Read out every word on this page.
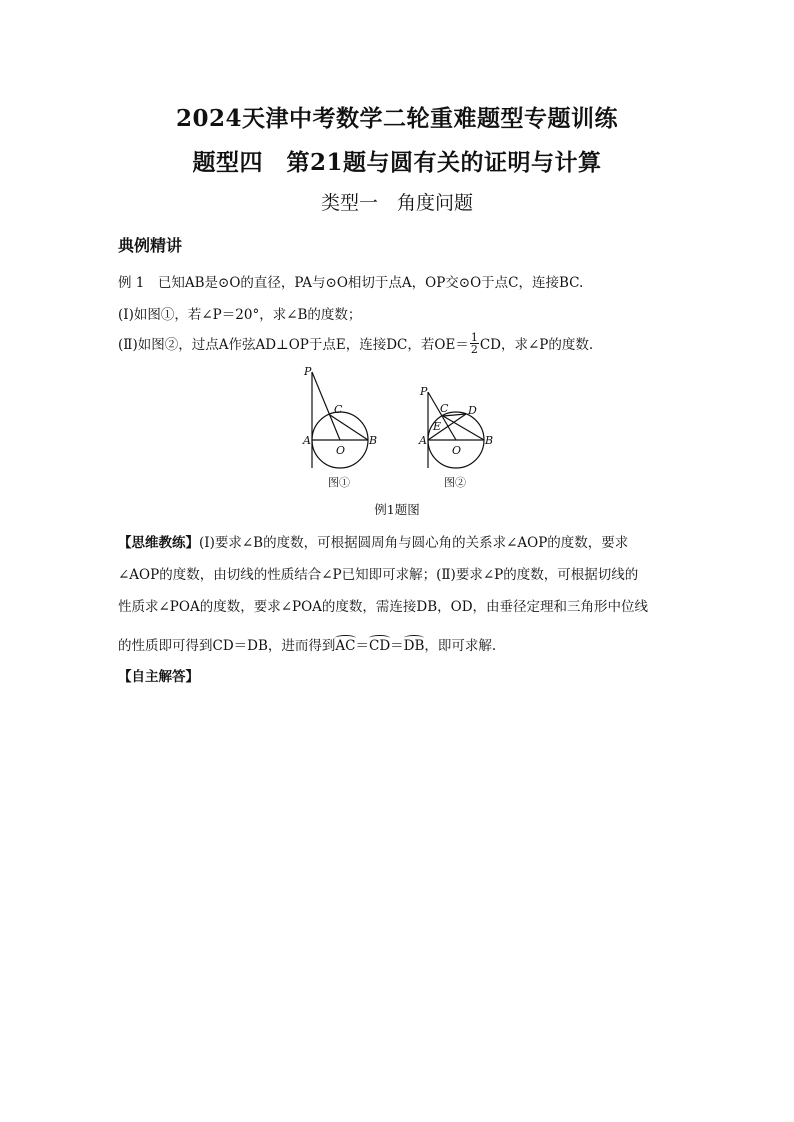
2024天津中考数学二轮重难题型专题训练
题型四　第21题与圆有关的证明与计算
类型一　角度问题
典例精讲
例 1　已知AB是⊙O的直径，PA与⊙O相切于点A，OP交⊙O于点C，连接BC.
(Ⅰ)如图①，若∠P＝20°，求∠B的度数；
(Ⅱ)如图②，过点A作弦AD⊥OP于点E，连接DC，若$OE= \frac{1}{2}$ CD，求∠P的度数.
P
C
A
O
B
图①
P
C D
E
A
O
B
图②
例1题图
【思维教练】(Ⅰ)要求∠B的度数，可根据圆周角与圆心角的关系求∠AOP的度数，要求
∠AOP的度数，由切线的性质结合∠P已知即可求解；(Ⅱ)要求∠P的度数，可根据切线的
性质求∠POA的度数，要求∠POA的度数，需连接DB，OD，由垂径定理和三角形中位线
的性质即可得到CD＝DB，进而得到AC＝CD＝DB，即可求解.
【自主解答】
